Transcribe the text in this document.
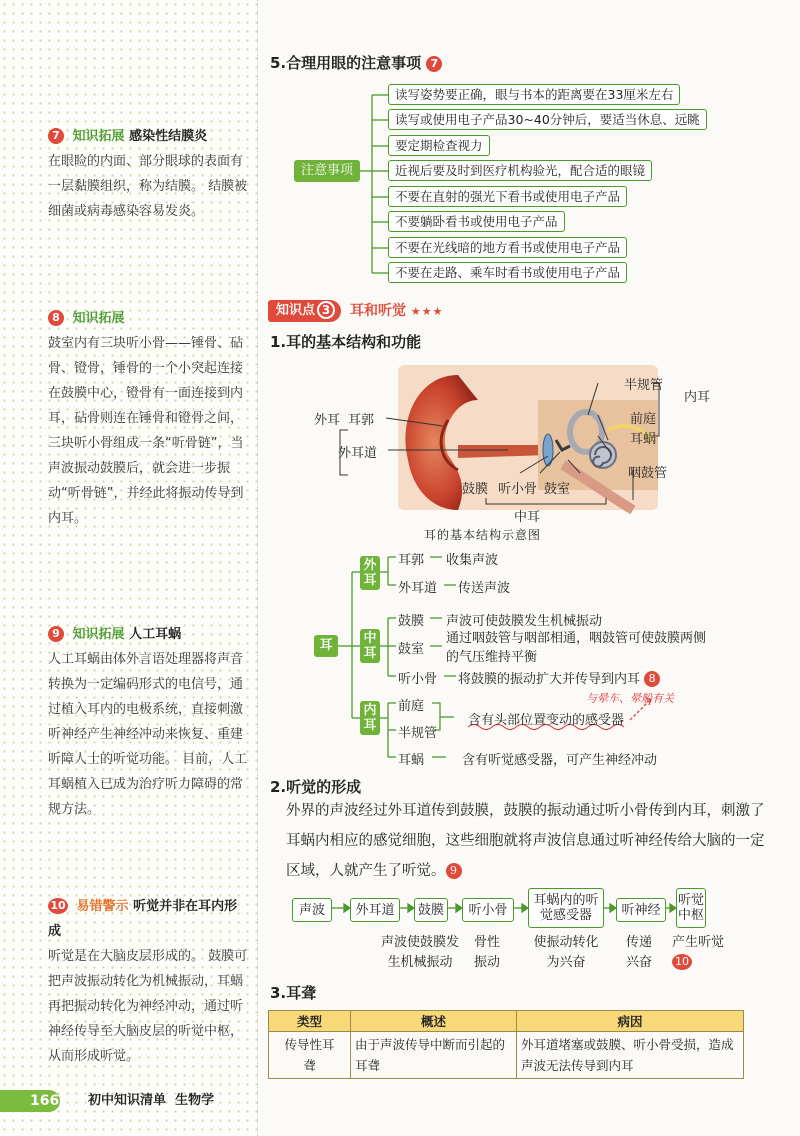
7 知识拓展 感染性结膜炎
在眼睑的内面、部分眼球的表面有一层黏膜组织，称为结膜。 结膜被细菌或病毒感染容易发炎。
8 知识拓展
鼓室内有三块听小骨——锤骨、砧骨、镫骨，锤骨的一个小突起连接在鼓膜中心，镫骨有一面连接到内耳，砧骨则连在锤骨和镫骨之间，三块听小骨组成一条“听骨链”，当声波振动鼓膜后，就会进一步振动“听骨链”，并经此将振动传导到内耳。
9 知识拓展 人工耳蜗
人工耳蜗由体外言语处理器将声音转换为一定编码形式的电信号，通过植入耳内的电极系统，直接刺激听神经产生神经冲动来恢复、重建听障人士的听觉功能。 目前，人工耳蜗植入已成为治疗听力障碍的常规方法。
10 易错警示 听觉并非在耳内形成
听觉是在大脑皮层形成的。 鼓膜可把声波振动转化为机械振动，耳蜗再把振动转化为神经冲动，通过听神经传导至大脑皮层的听觉中枢，从而形成听觉。
5.合理用眼的注意事项 7
注意事项
读写姿势要正确，眼与书本的距离要在33厘米左右
读写或使用电子产品30~40分钟后，要适当休息、远眺
要定期检查视力
近视后要及时到医疗机构验光，配合适的眼镜
不要在直射的强光下看书或使用电子产品
不要躺卧看书或使用电子产品
不要在光线暗的地方看书或使用电子产品
不要在走路、乘车时看书或使用电子产品
知识点 3	耳和听觉 ★★★
1.耳的基本结构和功能
外耳 耳郭
外耳道
半规管
前庭
耳蜗
内耳
咽鼓管
鼓膜 听小骨 鼓室
中耳
耳的基本结构示意图
耳
外耳
中耳
内耳
耳郭 收集声波
外耳道 传送声波
鼓膜 声波可使鼓膜发生机械振动
鼓室
通过咽鼓管与咽部相通，咽鼓管可使鼓膜两侧的气压维持平衡
听小骨 将鼓膜的振动扩大并传导到内耳 8
前庭
半规管
含有头部位置变动的感受器
耳蜗	含有听觉感受器，可产生神经冲动
与晕车、晕船有关
2.听觉的形成
外界的声波经过外耳道传到鼓膜，鼓膜的振动通过听小骨传到内耳，刺激了耳蜗内相应的感觉细胞，这些细胞就将声波信息通过听神经传给大脑的一定区域，人就产生了听觉。 9
声波	外耳道	鼓膜	听小骨
耳蜗内的听觉感受器	听神经
听觉中枢
声波使鼓膜发生机械振动
骨性振动
使振动转化为兴奋
传递兴奋
产生听觉10
3.耳聋
类型	概述	病因
传导性耳聋	由于声波传导中断而引起的耳聋	外耳道堵塞或鼓膜、听小骨受损，造成声波无法传导到内耳
166 初中知识清单 生物学
